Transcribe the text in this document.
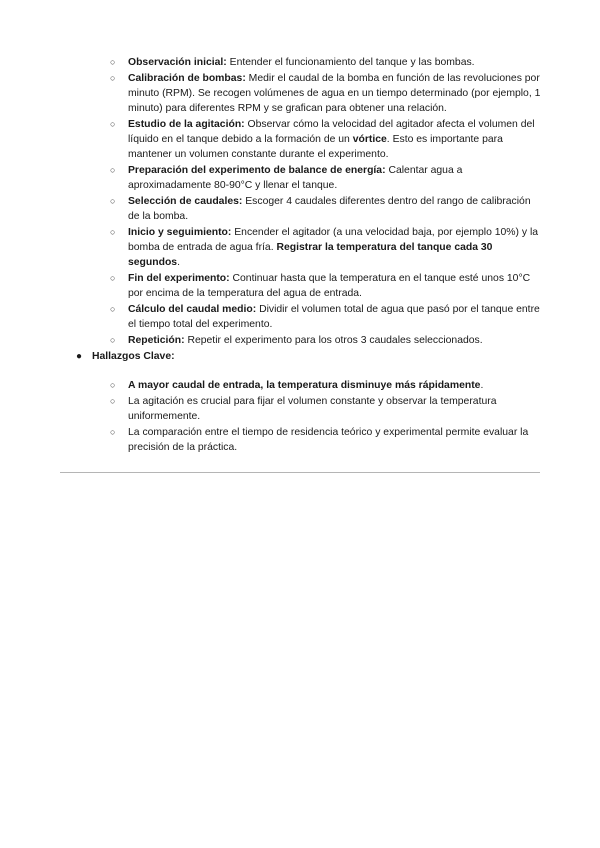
○ Observación inicial: Entender el funcionamiento del tanque y las bombas.
○ Calibración de bombas: Medir el caudal de la bomba en función de las revoluciones por minuto (RPM). Se recogen volúmenes de agua en un tiempo determinado (por ejemplo, 1 minuto) para diferentes RPM y se grafican para obtener una relación.
○ Estudio de la agitación: Observar cómo la velocidad del agitador afecta el volumen del líquido en el tanque debido a la formación de un vórtice. Esto es importante para mantener un volumen constante durante el experimento.
○ Preparación del experimento de balance de energía: Calentar agua a aproximadamente 80-90°C y llenar el tanque.
○ Selección de caudales: Escoger 4 caudales diferentes dentro del rango de calibración de la bomba.
○ Inicio y seguimiento: Encender el agitador (a una velocidad baja, por ejemplo 10%) y la bomba de entrada de agua fría. Registrar la temperatura del tanque cada 30 segundos.
○ Fin del experimento: Continuar hasta que la temperatura en el tanque esté unos 10°C por encima de la temperatura del agua de entrada.
○ Cálculo del caudal medio: Dividir el volumen total de agua que pasó por el tanque entre el tiempo total del experimento.
○ Repetición: Repetir el experimento para los otros 3 caudales seleccionados.
● Hallazgos Clave:
○ A mayor caudal de entrada, la temperatura disminuye más rápidamente.
○ La agitación es crucial para fijar el volumen constante y observar la temperatura uniformemente.
○ La comparación entre el tiempo de residencia teórico y experimental permite evaluar la precisión de la práctica.
